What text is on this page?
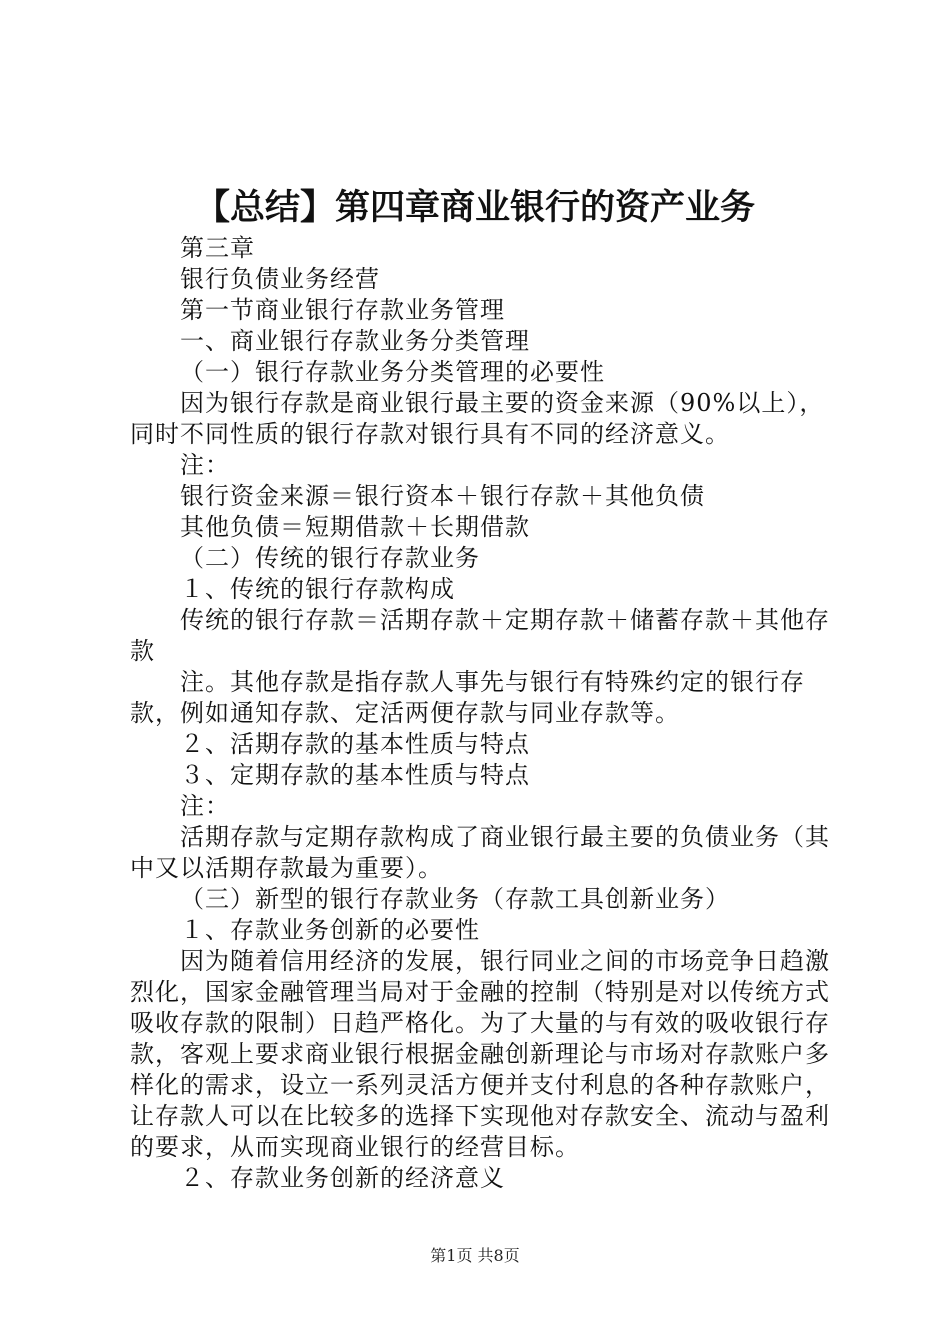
【总结】第四章商业银行的资产业务

第三章

银行负债业务经营

第一节商业银行存款业务管理

一、商业银行存款业务分类管理

（一）银行存款业务分类管理的必要性

因为银行存款是商业银行最主要的资金来源（90%以上），同时不同性质的银行存款对银行具有不同的经济意义。

注：

银行资金来源＝银行资本＋银行存款＋其他负债

其他负债＝短期借款＋长期借款

（二）传统的银行存款业务

１、传统的银行存款构成

传统的银行存款＝活期存款＋定期存款＋储蓄存款＋其他存款

注。其他存款是指存款人事先与银行有特殊约定的银行存款，例如通知存款、定活两便存款与同业存款等。

２、活期存款的基本性质与特点

３、定期存款的基本性质与特点

注：

活期存款与定期存款构成了商业银行最主要的负债业务（其中又以活期存款最为重要）。

（三）新型的银行存款业务（存款工具创新业务）

１、存款业务创新的必要性

因为随着信用经济的发展，银行同业之间的市场竞争日趋激烈化，国家金融管理当局对于金融的控制（特别是对以传统方式吸收存款的限制）日趋严格化。为了大量的与有效的吸收银行存款，客观上要求商业银行根据金融创新理论与市场对存款账户多样化的需求，设立一系列灵活方便并支付利息的各种存款账户，让存款人可以在比较多的选择下实现他对存款安全、流动与盈利的要求，从而实现商业银行的经营目标。

２、存款业务创新的经济意义

第1页 共8页
